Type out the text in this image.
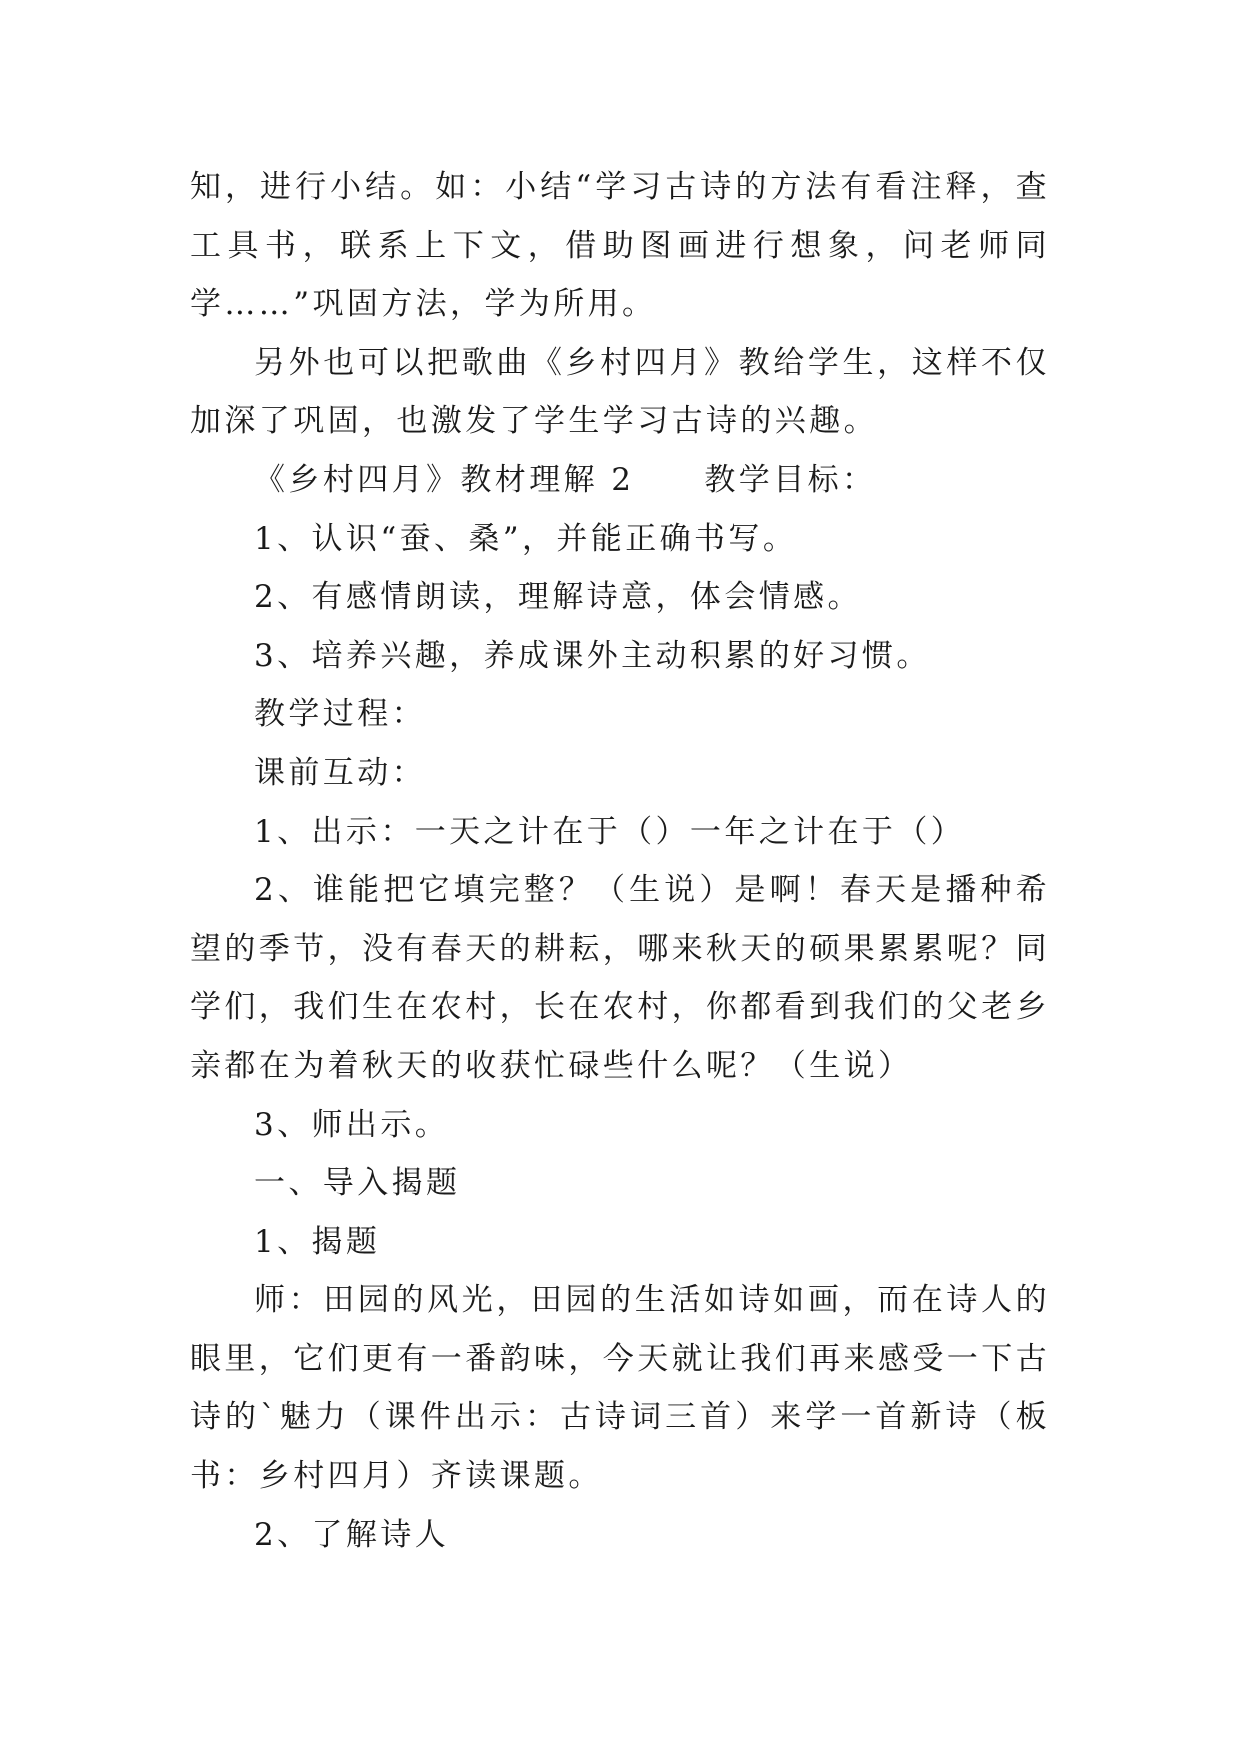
知，进行小结。如：小结“学习古诗的方法有看注释，查工具书，联系上下文，借助图画进行想象，问老师同学……”巩固方法，学为所用。

另外也可以把歌曲《乡村四月》教给学生，这样不仅加深了巩固，也激发了学生学习古诗的兴趣。

《乡村四月》教材理解 2 教学目标：

1、认识“蚕、桑”，并能正确书写。

2、有感情朗读，理解诗意，体会情感。

3、培养兴趣，养成课外主动积累的好习惯。

教学过程：

课前互动：

1、出示：一天之计在于（）一年之计在于（）

2、谁能把它填完整？（生说）是啊！春天是播种希望的季节，没有春天的耕耘，哪来秋天的硕果累累呢？同学们，我们生在农村，长在农村，你都看到我们的父老乡亲都在为着秋天的收获忙碌些什么呢？（生说）

3、师出示。

一、导入揭题

1、揭题

师：田园的风光，田园的生活如诗如画，而在诗人的眼里，它们更有一番韵味，今天就让我们再来感受一下古诗的`魅力（课件出示：古诗词三首）来学一首新诗（板书：乡村四月）齐读课题。

2、了解诗人
